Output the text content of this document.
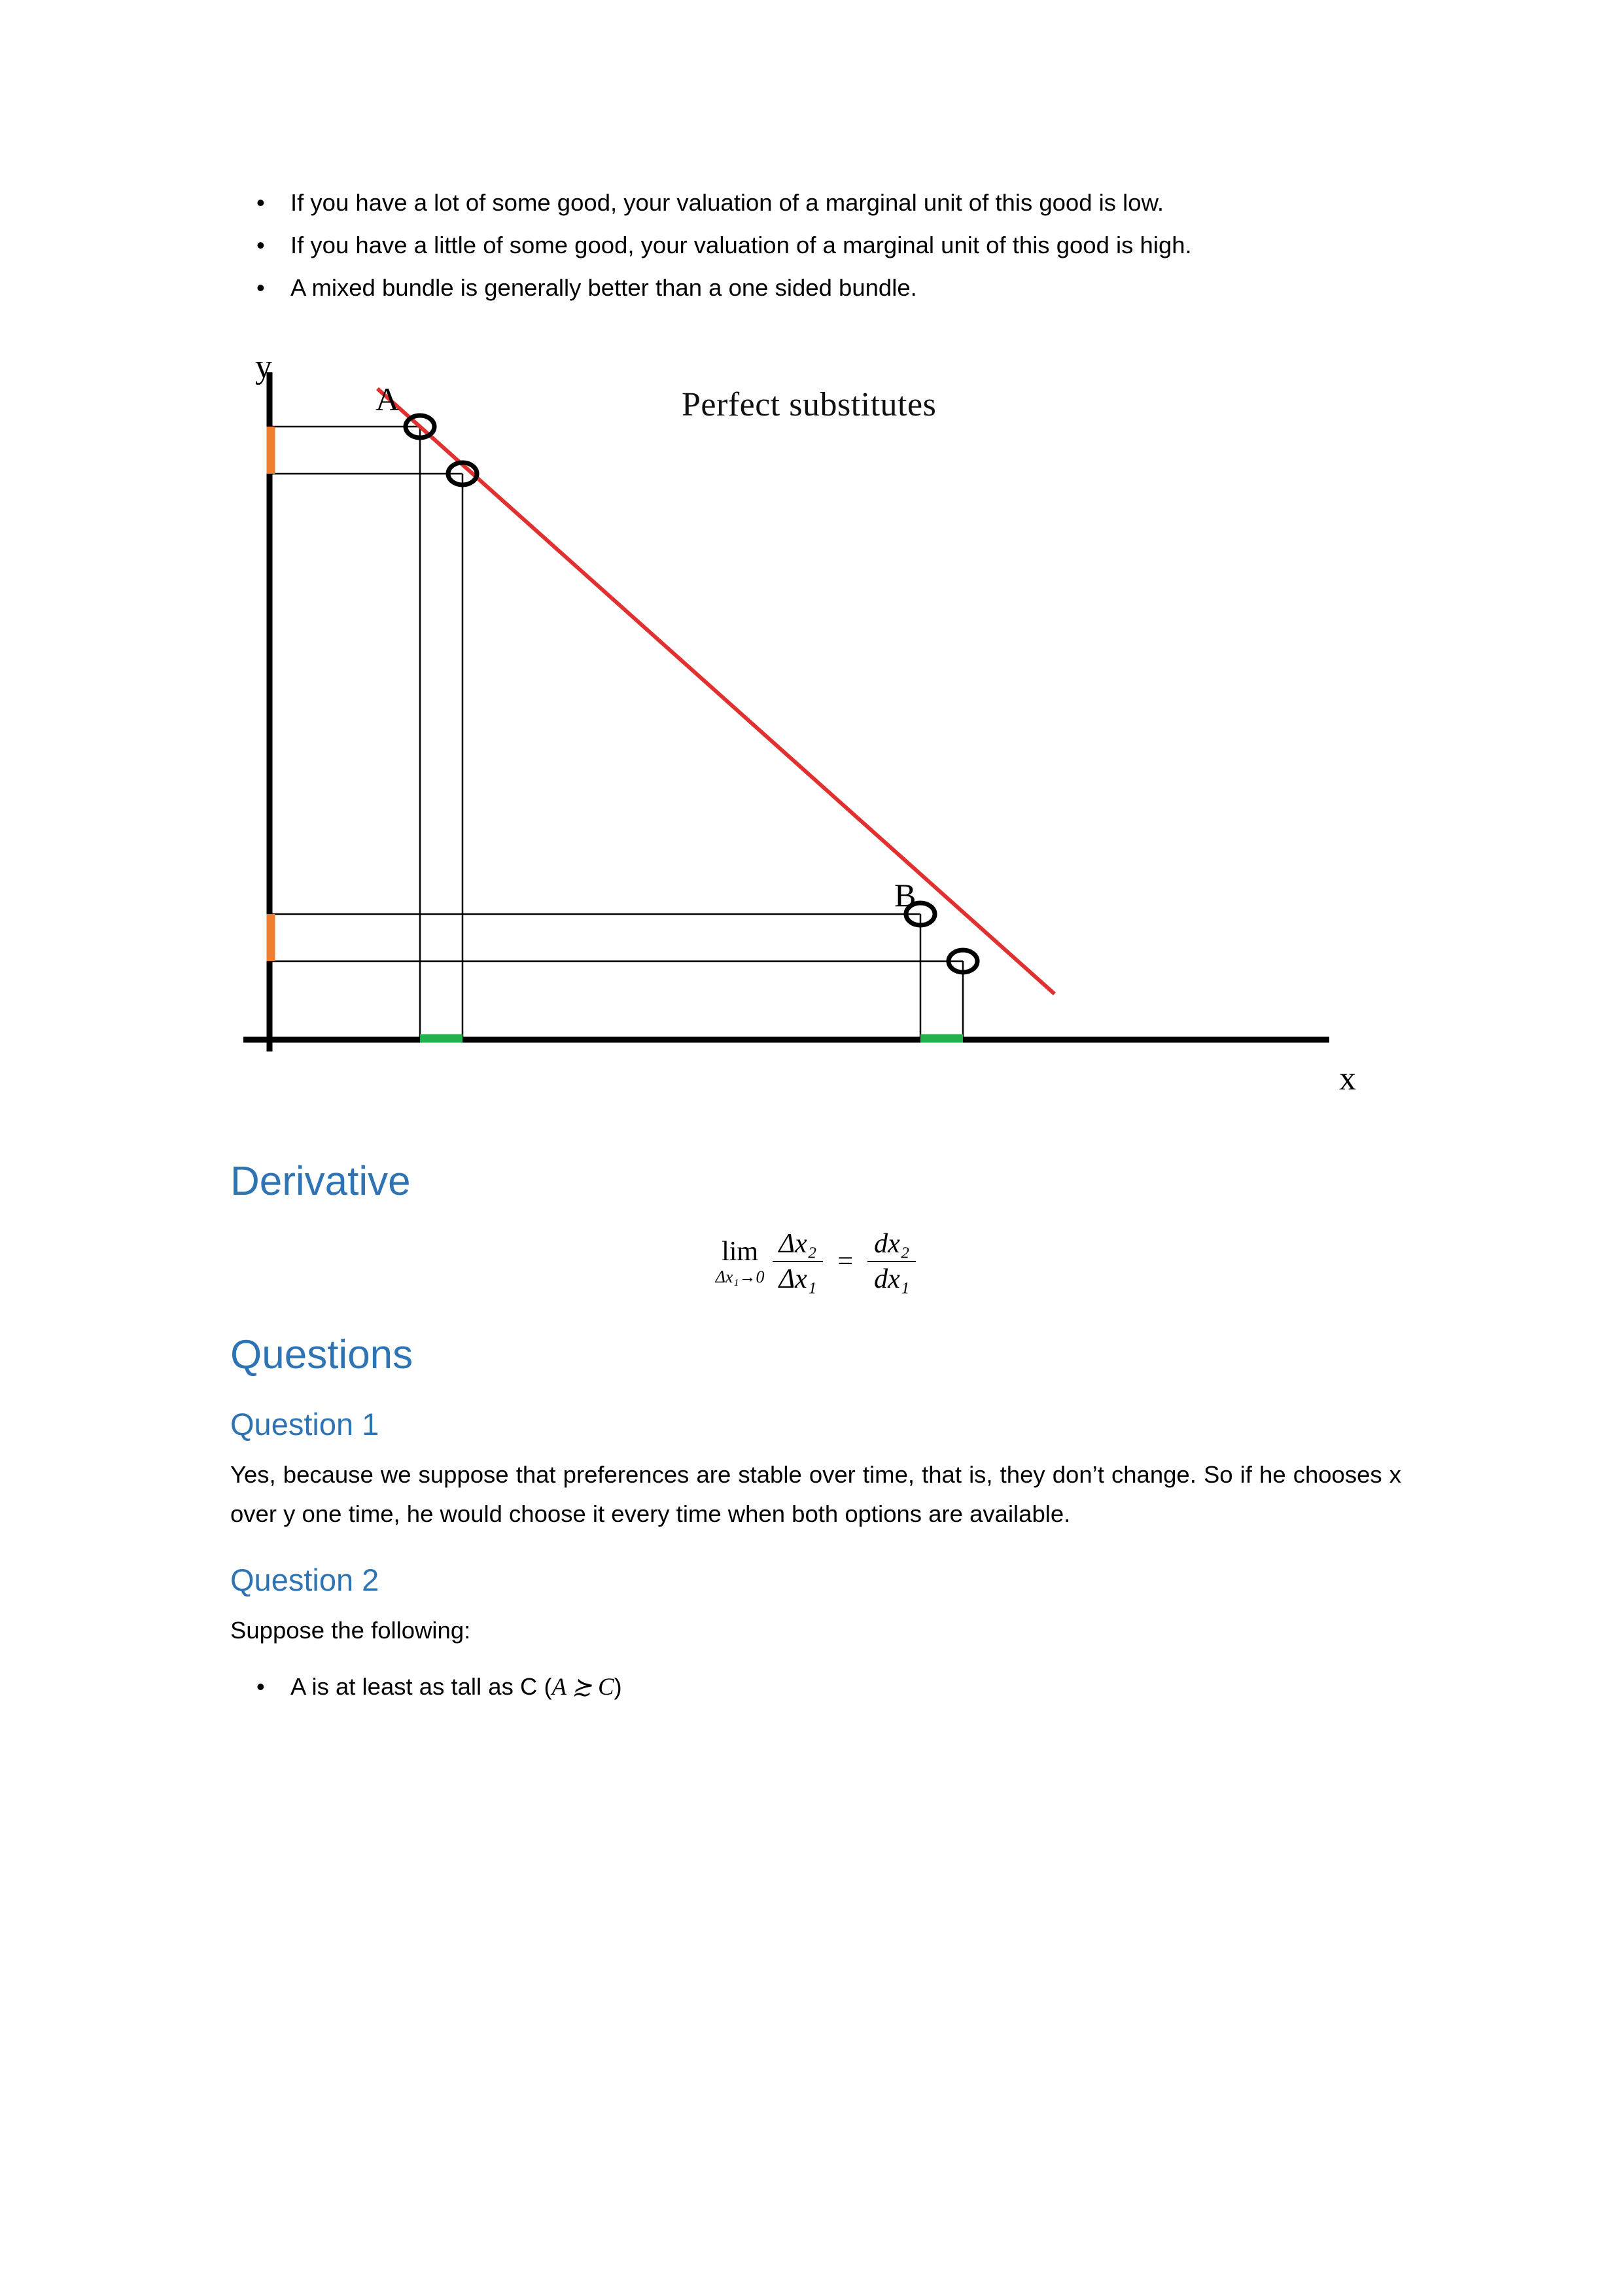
• If you have a lot of some good, your valuation of a marginal unit of this good is low.
• If you have a little of some good, your valuation of a marginal unit of this good is high.
• A mixed bundle is generally better than a one sided bundle.
y
x
Perfect substitutes
A
B
Derivative
lim
Δx₁→0
$\frac{\text{Δx₂}}{\text{Δx₁}} = \frac{\text{dx₂}}{\text{dx₁}}$
Questions
Question 1

Yes, because we suppose that preferences are stable over time, that is, they don’t change. So if he chooses x over y one time, he would choose it every time when both options are available.

Question 2

Suppose the following:

• A is at least as tall as C (A ≿ C)
